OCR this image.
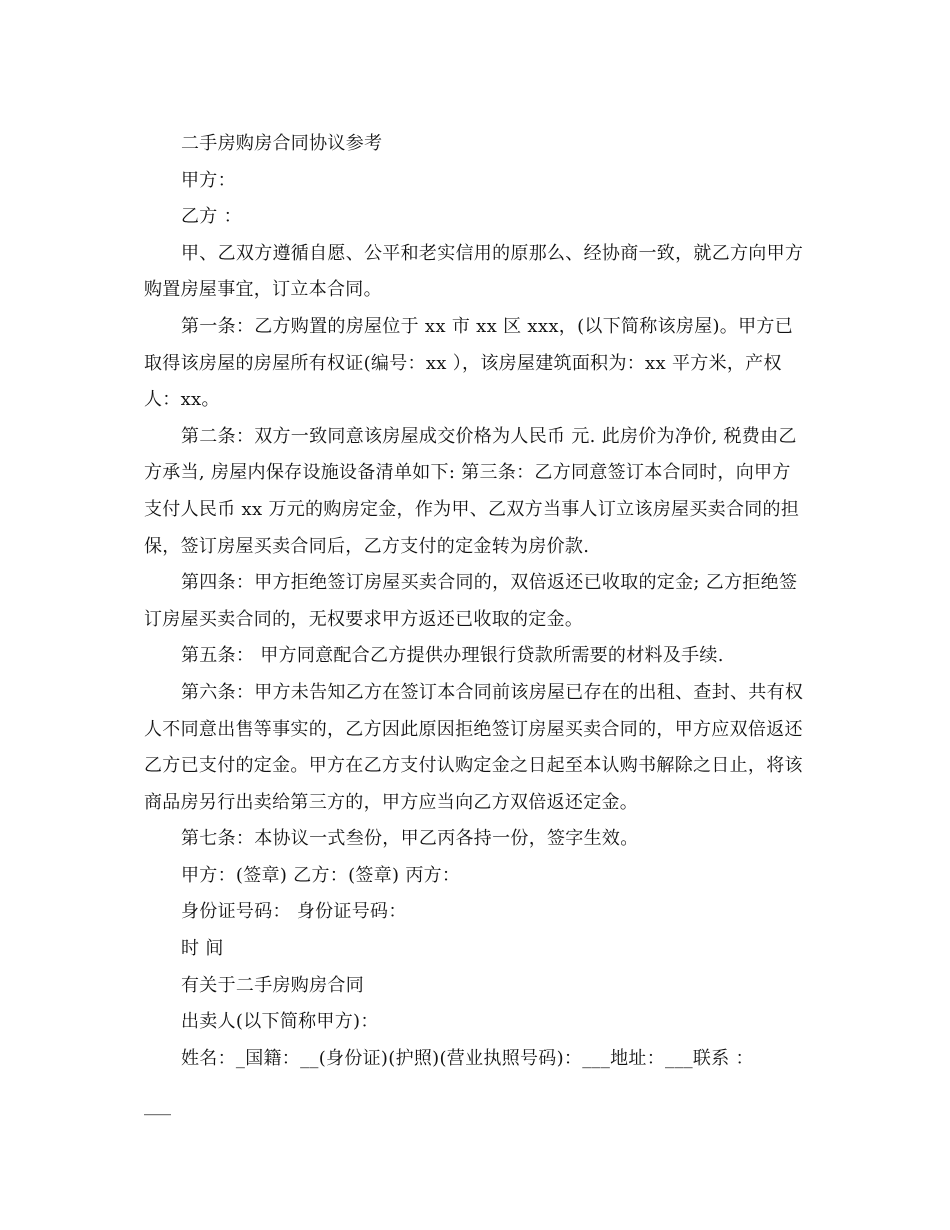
二手房购房合同协议参考

甲方：

乙方 ：

甲、乙双方遵循自愿、公平和老实信用的原那么、经协商一致，就乙方向甲方购置房屋事宜，订立本合同。

第一条：乙方购置的房屋位于 xx 市 xx 区 xxx，(以下简称该房屋)。甲方已取得该房屋的房屋所有权证(编号：xx ），该房屋建筑面积为：xx 平方米，产权人：xx。

第二条：双方一致同意该房屋成交价格为人民币 元. 此房价为净价, 税费由乙方承当, 房屋内保存设施设备清单如下: 第三条：乙方同意签订本合同时，向甲方支付人民币 xx 万元的购房定金，作为甲、乙双方当事人订立该房屋买卖合同的担保，签订房屋买卖合同后，乙方支付的定金转为房价款.

第四条：甲方拒绝签订房屋买卖合同的，双倍返还已收取的定金; 乙方拒绝签订房屋买卖合同的，无权要求甲方返还已收取的定金。

第五条： 甲方同意配合乙方提供办理银行贷款所需要的材料及手续.

第六条：甲方未告知乙方在签订本合同前该房屋已存在的出租、查封、共有权人不同意出售等事实的，乙方因此原因拒绝签订房屋买卖合同的，甲方应双倍返还乙方已支付的定金。甲方在乙方支付认购定金之日起至本认购书解除之日止，将该商品房另行出卖给第三方的，甲方应当向乙方双倍返还定金。

第七条：本协议一式叁份，甲乙丙各持一份，签字生效。

甲方：(签章) 乙方：(签章) 丙方：

身份证号码： 身份证号码：

时 间

有关于二手房购房合同

出卖人(以下简称甲方)：

姓名：_国籍：__(身份证)(护照)(营业执照号码)：___地址：___联系 ：

___
